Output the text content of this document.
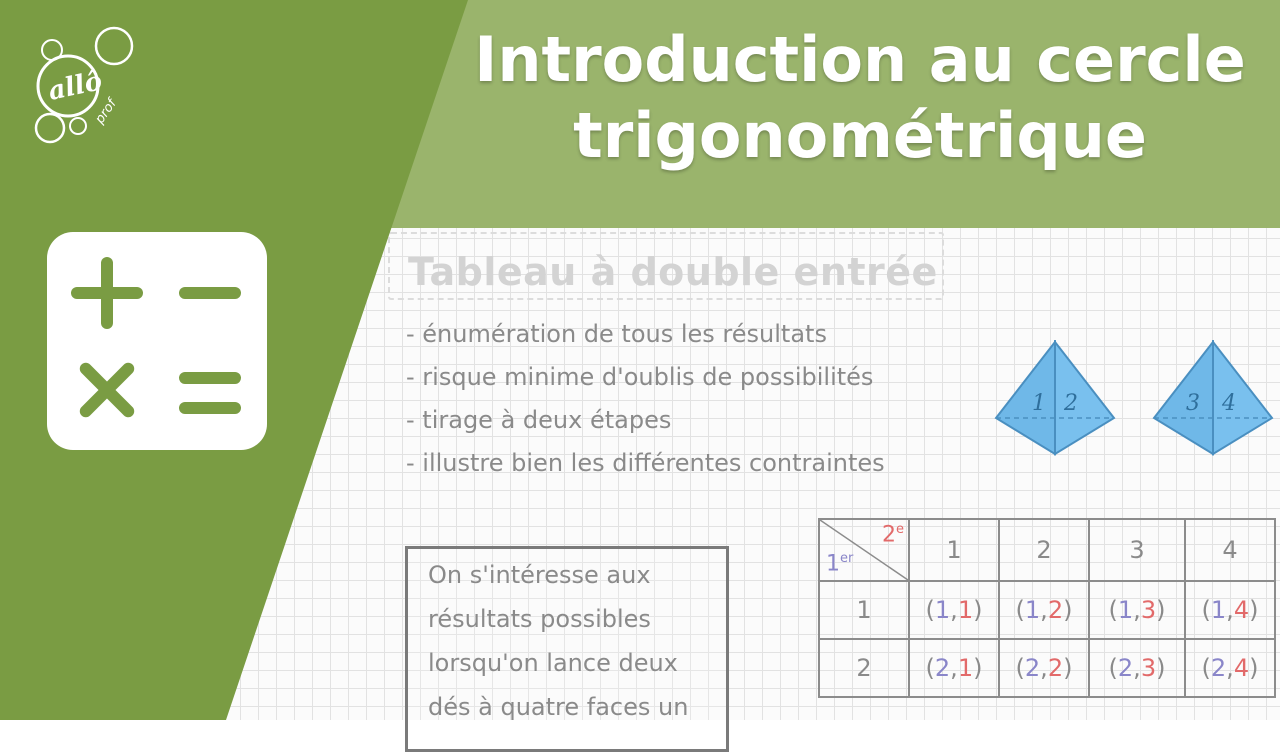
Tableau à double entrée
- énumération de tous les résultats
- risque minime d'oublis de possibilités
- tirage à deux étapes
- illustre bien les différentes contraintes
1 2	3 4
On s'intéresse aux
résultats possibles
lorsqu'on lance deux
dés à quatre faces un
2e
1er	1	2	3	4
1	(1,1)	(1,2)	(1,3)	(1,4)
2	(2,1)	(2,2)	(2,3)	(2,4)
Introduction au cercle
trigonométrique
allô
prof
